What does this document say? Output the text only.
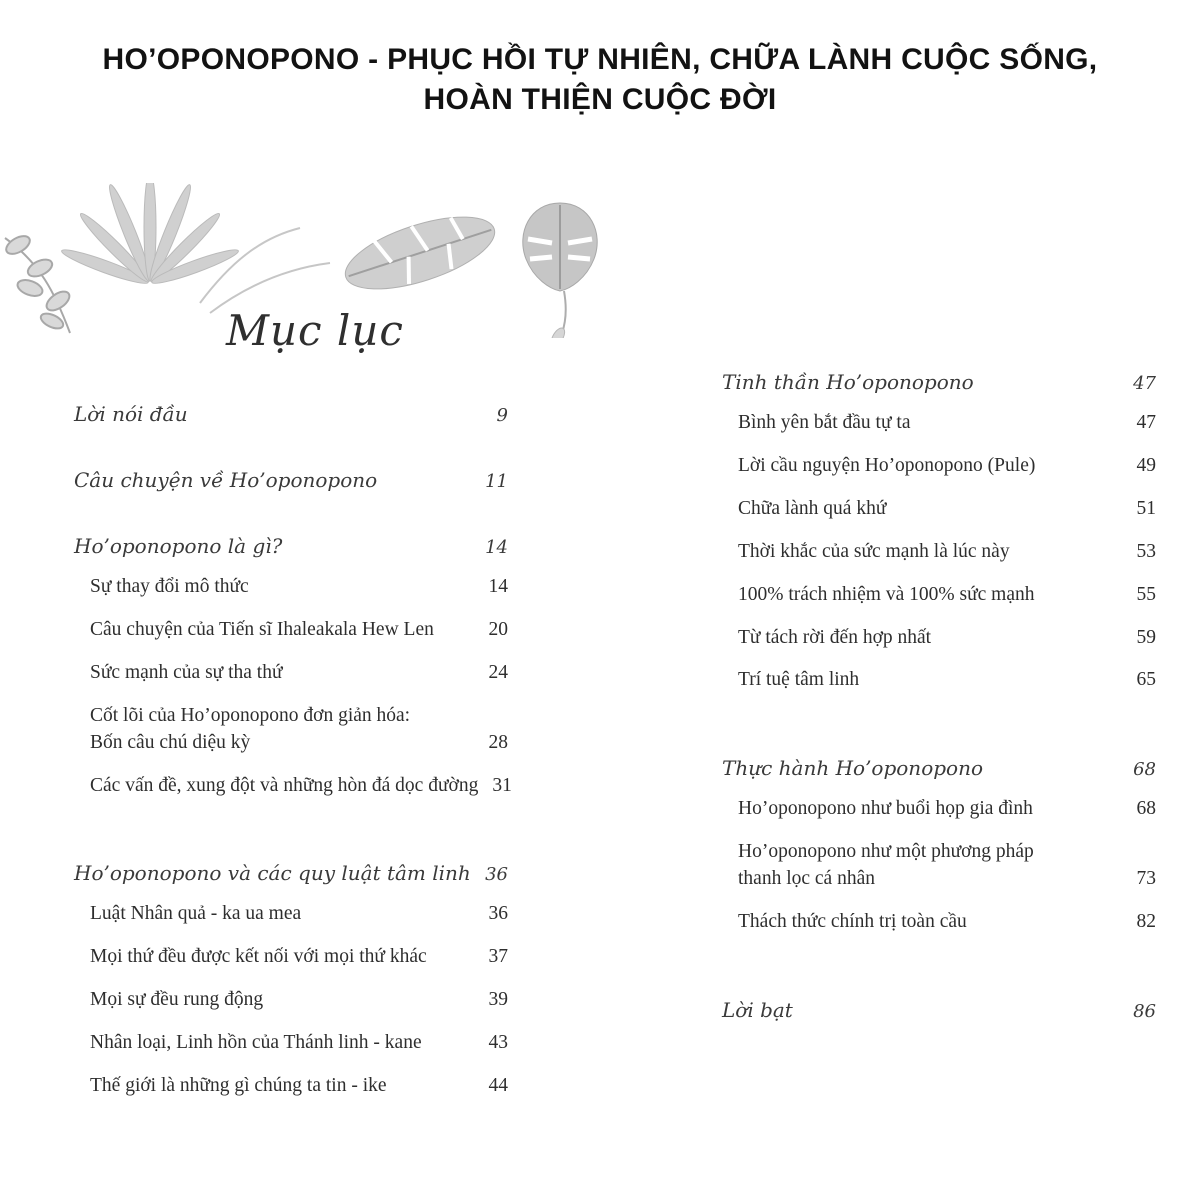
HO’OPONOPONO - PHỤC HỒI TỰ NHIÊN, CHỮA LÀNH CUỘC SỐNG,
HOÀN THIỆN CUỘC ĐỜI
Mục lục
Lời nói đầu	9
Câu chuyện về Ho’oponopono	11
Ho’oponopono là gì?	14
Sự thay đổi mô thức	14
Câu chuyện của Tiến sĩ Ihaleakala Hew Len	20
Sức mạnh của sự tha thứ	24
Cốt lõi của Ho’oponopono đơn giản hóa:
Bốn câu chú diệu kỳ	28
Các vấn đề, xung đột và những hòn đá dọc đường 31
Ho’oponopono và các quy luật tâm linh 36
Luật Nhân quả - ka ua mea	36
Mọi thứ đều được kết nối với mọi thứ khác	37
Mọi sự đều rung động	39
Nhân loại, Linh hồn của Thánh linh - kane	43
Thế giới là những gì chúng ta tin - ike	44
Tinh thần Ho’oponopono	47
Bình yên bắt đầu tự ta	47
Lời cầu nguyện Ho’oponopono (Pule)	49
Chữa lành quá khứ	51
Thời khắc của sức mạnh là lúc này	53
100% trách nhiệm và 100% sức mạnh	55
Từ tách rời đến hợp nhất	59
Trí tuệ tâm linh	65
Thực hành Ho’oponopono	68
Ho’oponopono như buổi họp gia đình	68
Ho’oponopono như một phương pháp
thanh lọc cá nhân	73
Thách thức chính trị toàn cầu	82
Lời bạt	86
